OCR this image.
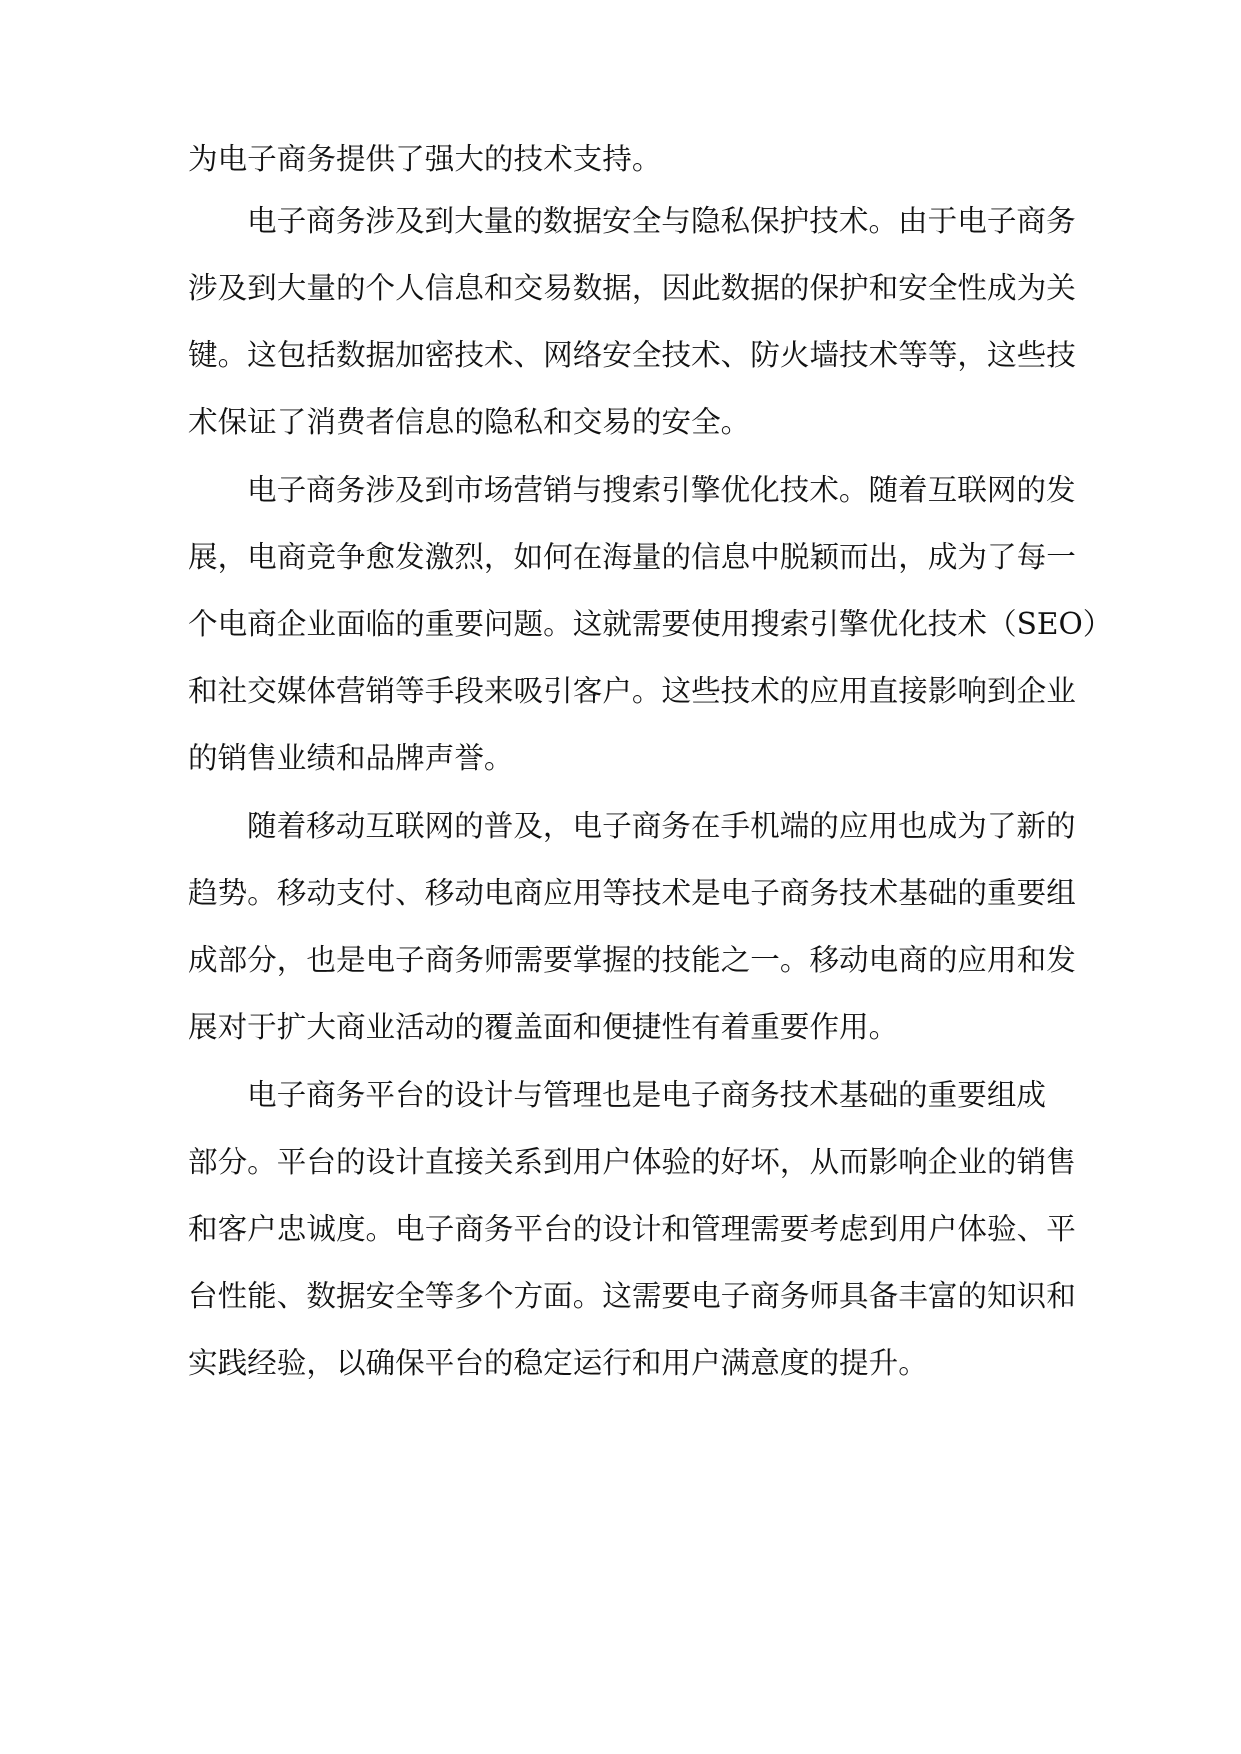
为电子商务提供了强大的技术支持。
电子商务涉及到大量的数据安全与隐私保护技术。由于电子商务
涉及到大量的个人信息和交易数据，因此数据的保护和安全性成为关
键。这包括数据加密技术、网络安全技术、防火墙技术等等，这些技
术保证了消费者信息的隐私和交易的安全。
电子商务涉及到市场营销与搜索引擎优化技术。随着互联网的发
展，电商竞争愈发激烈，如何在海量的信息中脱颖而出，成为了每一
个电商企业面临的重要问题。这就需要使用搜索引擎优化技术（SEO）
和社交媒体营销等手段来吸引客户。这些技术的应用直接影响到企业
的销售业绩和品牌声誉。
随着移动互联网的普及，电子商务在手机端的应用也成为了新的
趋势。移动支付、移动电商应用等技术是电子商务技术基础的重要组
成部分，也是电子商务师需要掌握的技能之一。移动电商的应用和发
展对于扩大商业活动的覆盖面和便捷性有着重要作用。
电子商务平台的设计与管理也是电子商务技术基础的重要组成
部分。平台的设计直接关系到用户体验的好坏，从而影响企业的销售
和客户忠诚度。电子商务平台的设计和管理需要考虑到用户体验、平
台性能、数据安全等多个方面。这需要电子商务师具备丰富的知识和
实践经验，以确保平台的稳定运行和用户满意度的提升。
